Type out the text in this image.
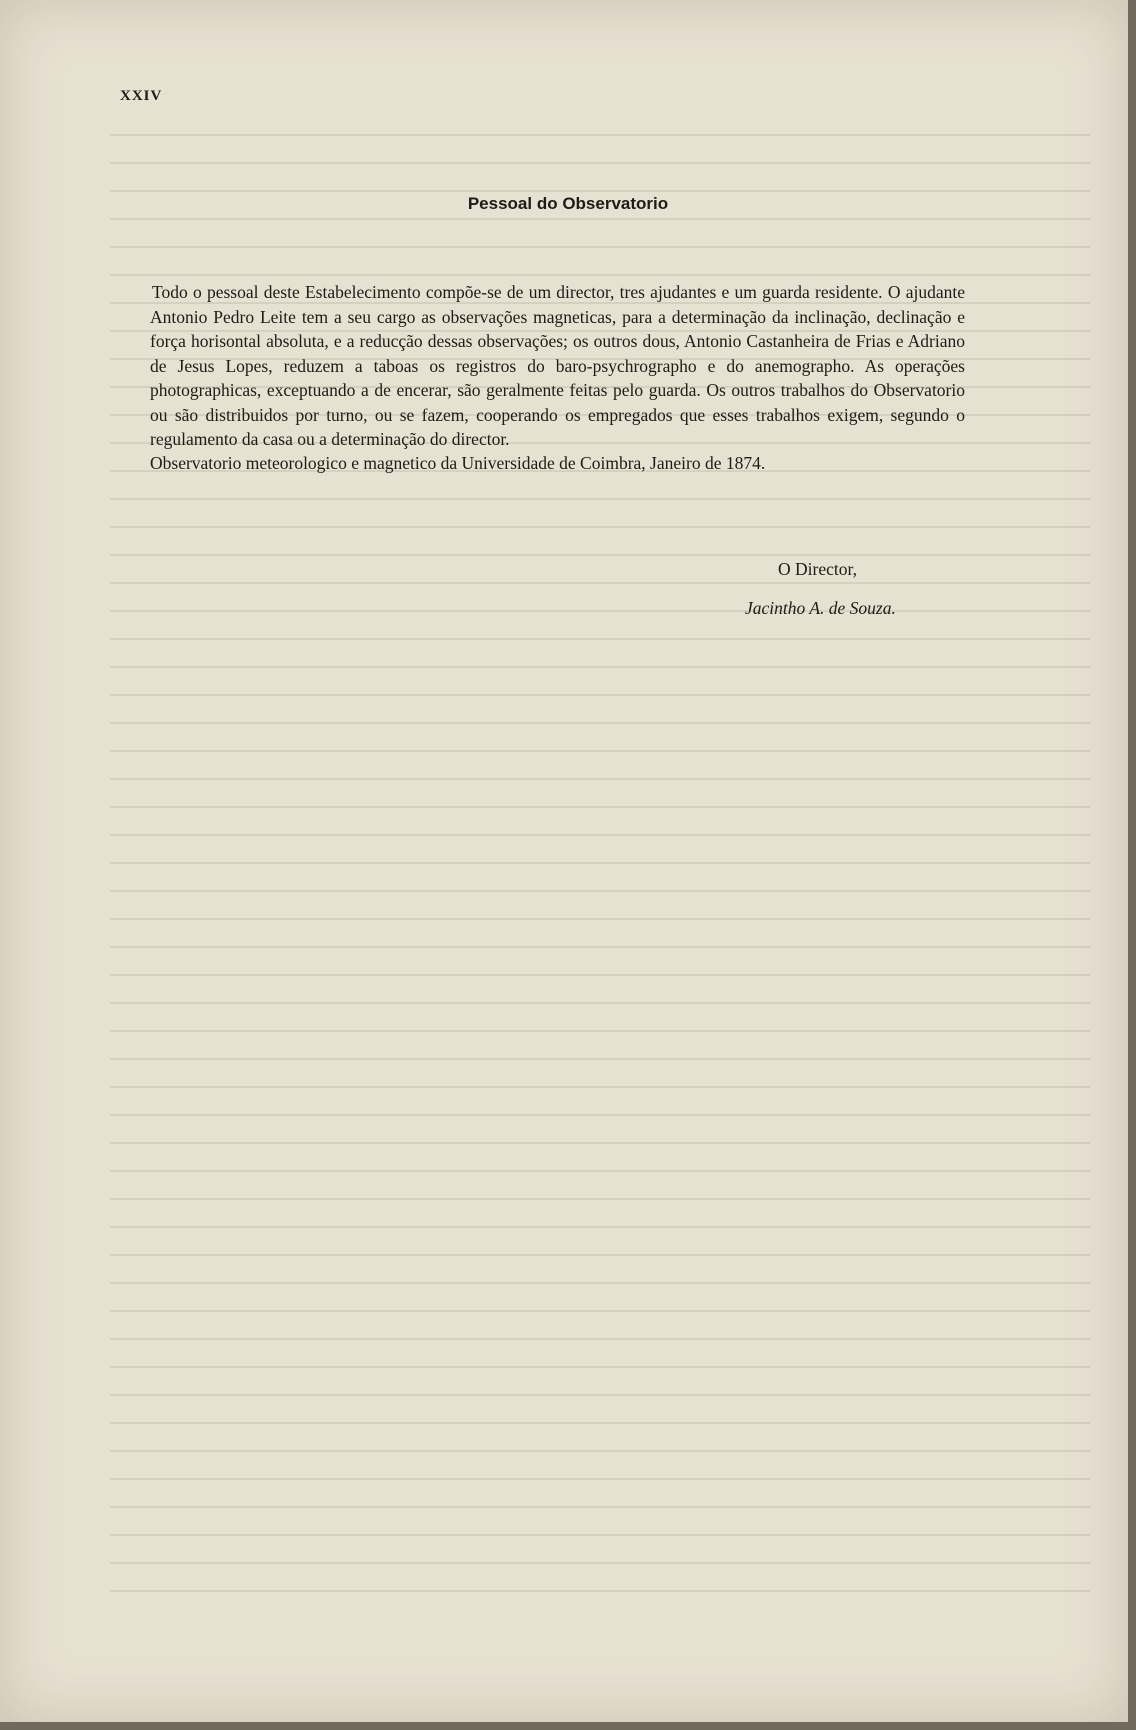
XXIV
Pessoal do Observatorio

Todo o pessoal deste Estabelecimento compõe-se de um director, tres ajudantes e um guarda residente. O ajudante Antonio Pedro Leite tem a seu cargo as observações magneticas, para a determinação da inclinação, declinação e força horisontal absoluta, e a reducção dessas observações; os outros dous, Antonio Castanheira de Frias e Adriano de Jesus Lopes, reduzem a taboas os registros do baro-psychrographo e do anemographo. As operações photographicas, exceptuando a de encerar, são geralmente feitas pelo guarda. Os outros trabalhos do Observatorio ou são distribuidos por turno, ou se fazem, cooperando os empregados que esses trabalhos exigem, segundo o regulamento da casa ou a determinação do director.

Observatorio meteorologico e magnetico da Universidade de Coimbra, Janeiro de 1874.

O Director,
Jacintho A. de Souza.
